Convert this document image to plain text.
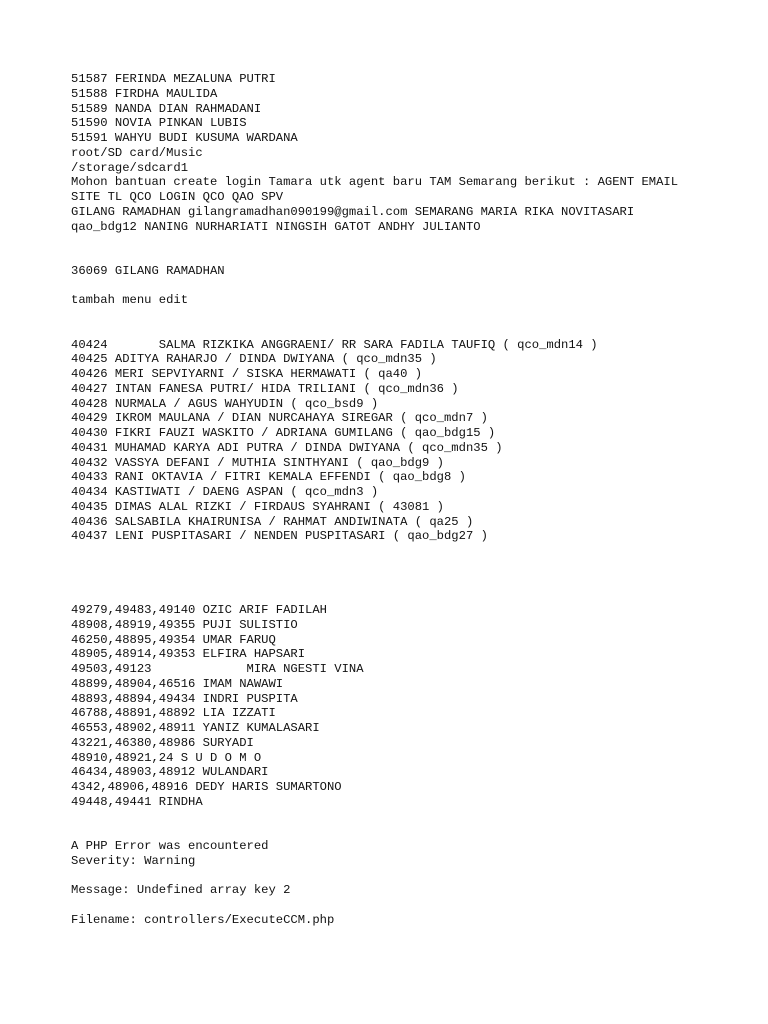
51587 FERINDA MEZALUNA PUTRI
51588 FIRDHA MAULIDA
51589 NANDA DIAN RAHMADANI
51590 NOVIA PINKAN LUBIS
51591 WAHYU BUDI KUSUMA WARDANA
root/SD card/Music
/storage/sdcard1
Mohon bantuan create login Tamara utk agent baru TAM Semarang berikut : AGENT EMAIL
SITE TL QCO LOGIN QCO QAO SPV
GILANG RAMADHAN gilangramadhan090199@gmail.com SEMARANG MARIA RIKA NOVITASARI
qao_bdg12 NANING NURHARIATI NINGSIH GATOT ANDHY JULIANTO
36069 GILANG RAMADHAN
tambah menu edit
40424       SALMA RIZKIKA ANGGRAENI/ RR SARA FADILA TAUFIQ ( qco_mdn14 )
40425 ADITYA RAHARJO / DINDA DWIYANA ( qco_mdn35 )
40426 MERI SEPVIYARNI / SISKA HERMAWATI ( qa40 )
40427 INTAN FANESA PUTRI/ HIDA TRILIANI ( qco_mdn36 )
40428 NURMALA / AGUS WAHYUDIN ( qco_bsd9 )
40429 IKROM MAULANA / DIAN NURCAHAYA SIREGAR ( qco_mdn7 )
40430 FIKRI FAUZI WASKITO / ADRIANA GUMILANG ( qao_bdg15 )
40431 MUHAMAD KARYA ADI PUTRA / DINDA DWIYANA ( qco_mdn35 )
40432 VASSYA DEFANI / MUTHIA SINTHYANI ( qao_bdg9 )
40433 RANI OKTAVIA / FITRI KEMALA EFFENDI ( qao_bdg8 )
40434 KASTIWATI / DAENG ASPAN ( qco_mdn3 )
40435 DIMAS ALAL RIZKI / FIRDAUS SYAHRANI ( 43081 )
40436 SALSABILA KHAIRUNISA / RAHMAT ANDIWINATA ( qa25 )
40437 LENI PUSPITASARI / NENDEN PUSPITASARI ( qao_bdg27 )
49279,49483,49140 OZIC ARIF FADILAH
48908,48919,49355 PUJI SULISTIO
46250,48895,49354 UMAR FARUQ
48905,48914,49353 ELFIRA HAPSARI
49503,49123             MIRA NGESTI VINA
48899,48904,46516 IMAM NAWAWI
48893,48894,49434 INDRI PUSPITA
46788,48891,48892 LIA IZZATI
46553,48902,48911 YANIZ KUMALASARI
43221,46380,48986 SURYADI
48910,48921,24 S U D O M O
46434,48903,48912 WULANDARI
4342,48906,48916 DEDY HARIS SUMARTONO
49448,49441 RINDHA
A PHP Error was encountered
Severity: Warning
Message: Undefined array key 2
Filename: controllers/ExecuteCCM.php
